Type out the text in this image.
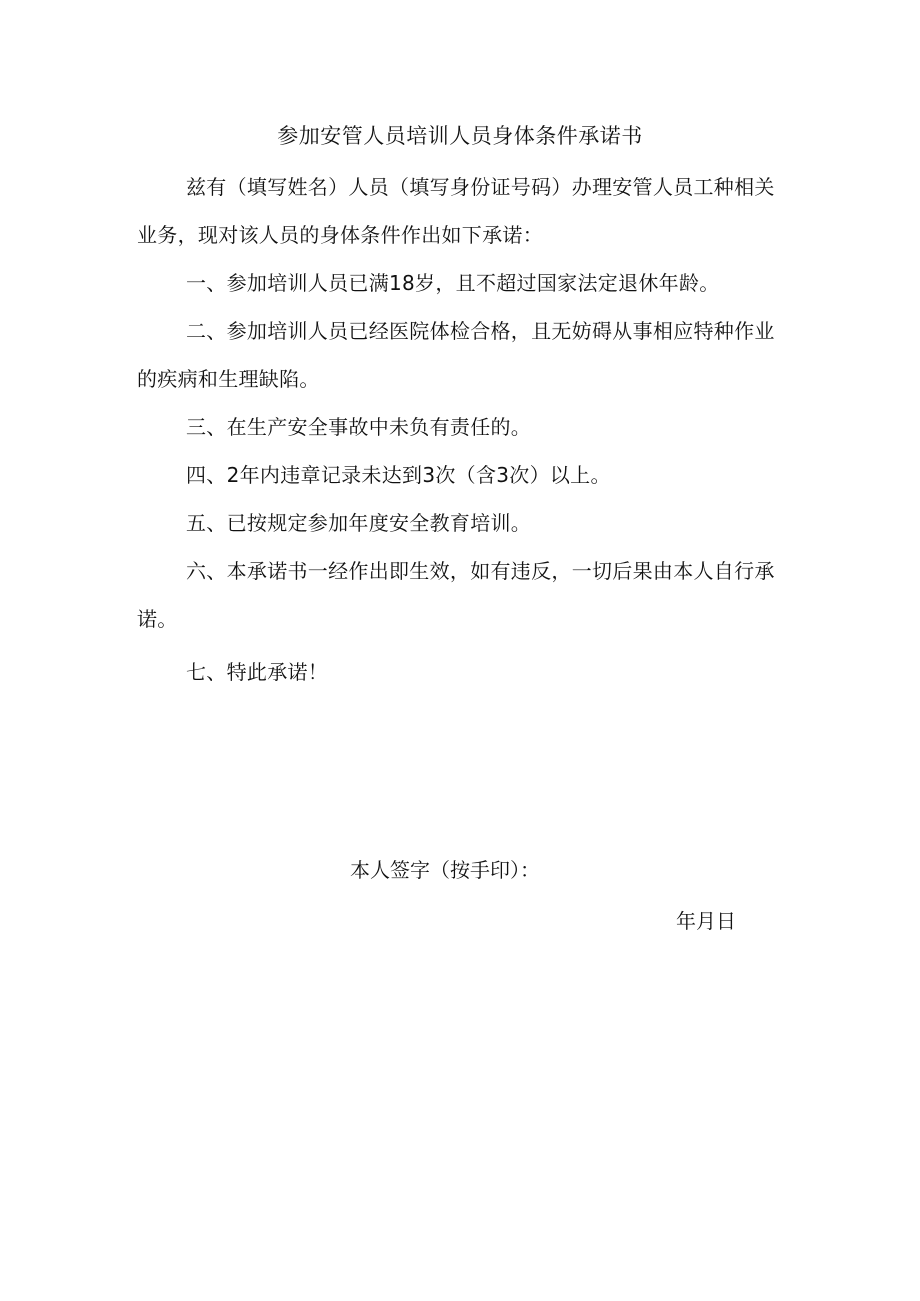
参加安管人员培训人员身体条件承诺书
兹有（填写姓名）人员（填写身份证号码）办理安管人员工种相关业务，现对该人员的身体条件作出如下承诺：
一、参加培训人员已满18岁，且不超过国家法定退休年龄。
二、参加培训人员已经医院体检合格，且无妨碍从事相应特种作业的疾病和生理缺陷。
三、在生产安全事故中未负有责任的。
四、2年内违章记录未达到3次（含3次）以上。
五、已按规定参加年度安全教育培训。
六、本承诺书一经作出即生效，如有违反，一切后果由本人自行承诺。
七、特此承诺！
本人签字（按手印）：
年月日
